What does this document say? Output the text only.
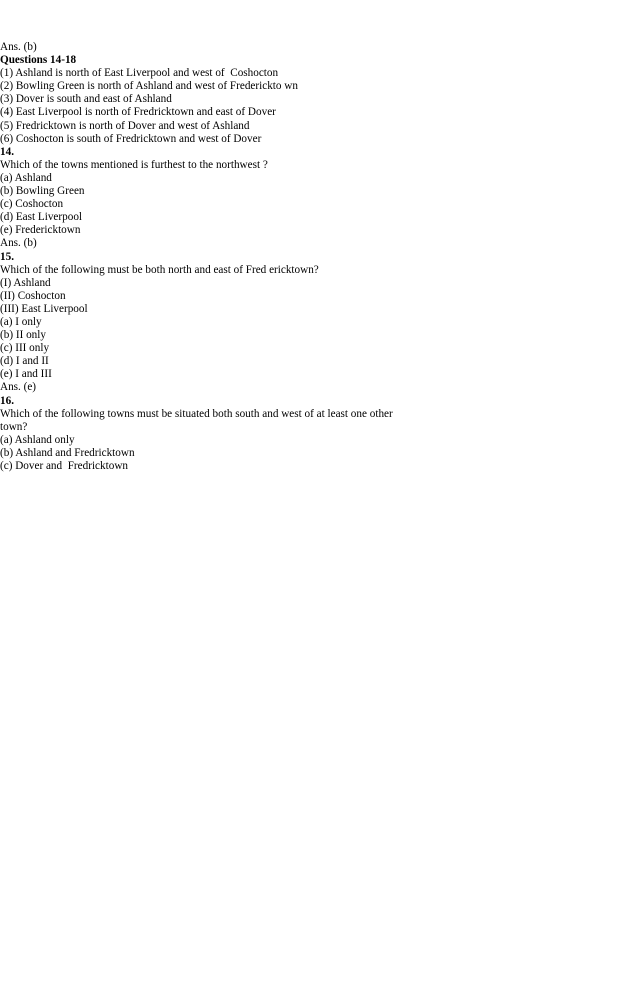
Ans. (b)

Questions 14-18

(1) Ashland is north of East Liverpool and west of  Coshocton

(2) Bowling Green is north of Ashland and west of Fredericktо wn

(3) Dover is south and east of Ashland

(4) East Liverpool is north of Fredricktown and east of Dover

(5) Fredricktown is north of Dover and west of Ashland

(6) Coshocton is south of Fredricktown and west of Dover

14.

Which of the towns mentioned is furthest to the northwest ?

(a) Ashland

(b) Bowling Green

(c) Coshocton

(d) East Liverpool

(e) Fredericktown

Ans. (b)

15.

Which of the following must be both north and east of Fred ericktown?

(I) Ashland

(II) Coshocton

(III) East Liverpool

(a) I only

(b) II only

(c) III only

(d) I and II

(e) I and III

Ans. (e)

16.

Which of the following towns must be situated both south and west of at least one other

town?

(a) Ashland only

(b) Ashland and Fredricktown

(c) Dover and  Fredricktown
